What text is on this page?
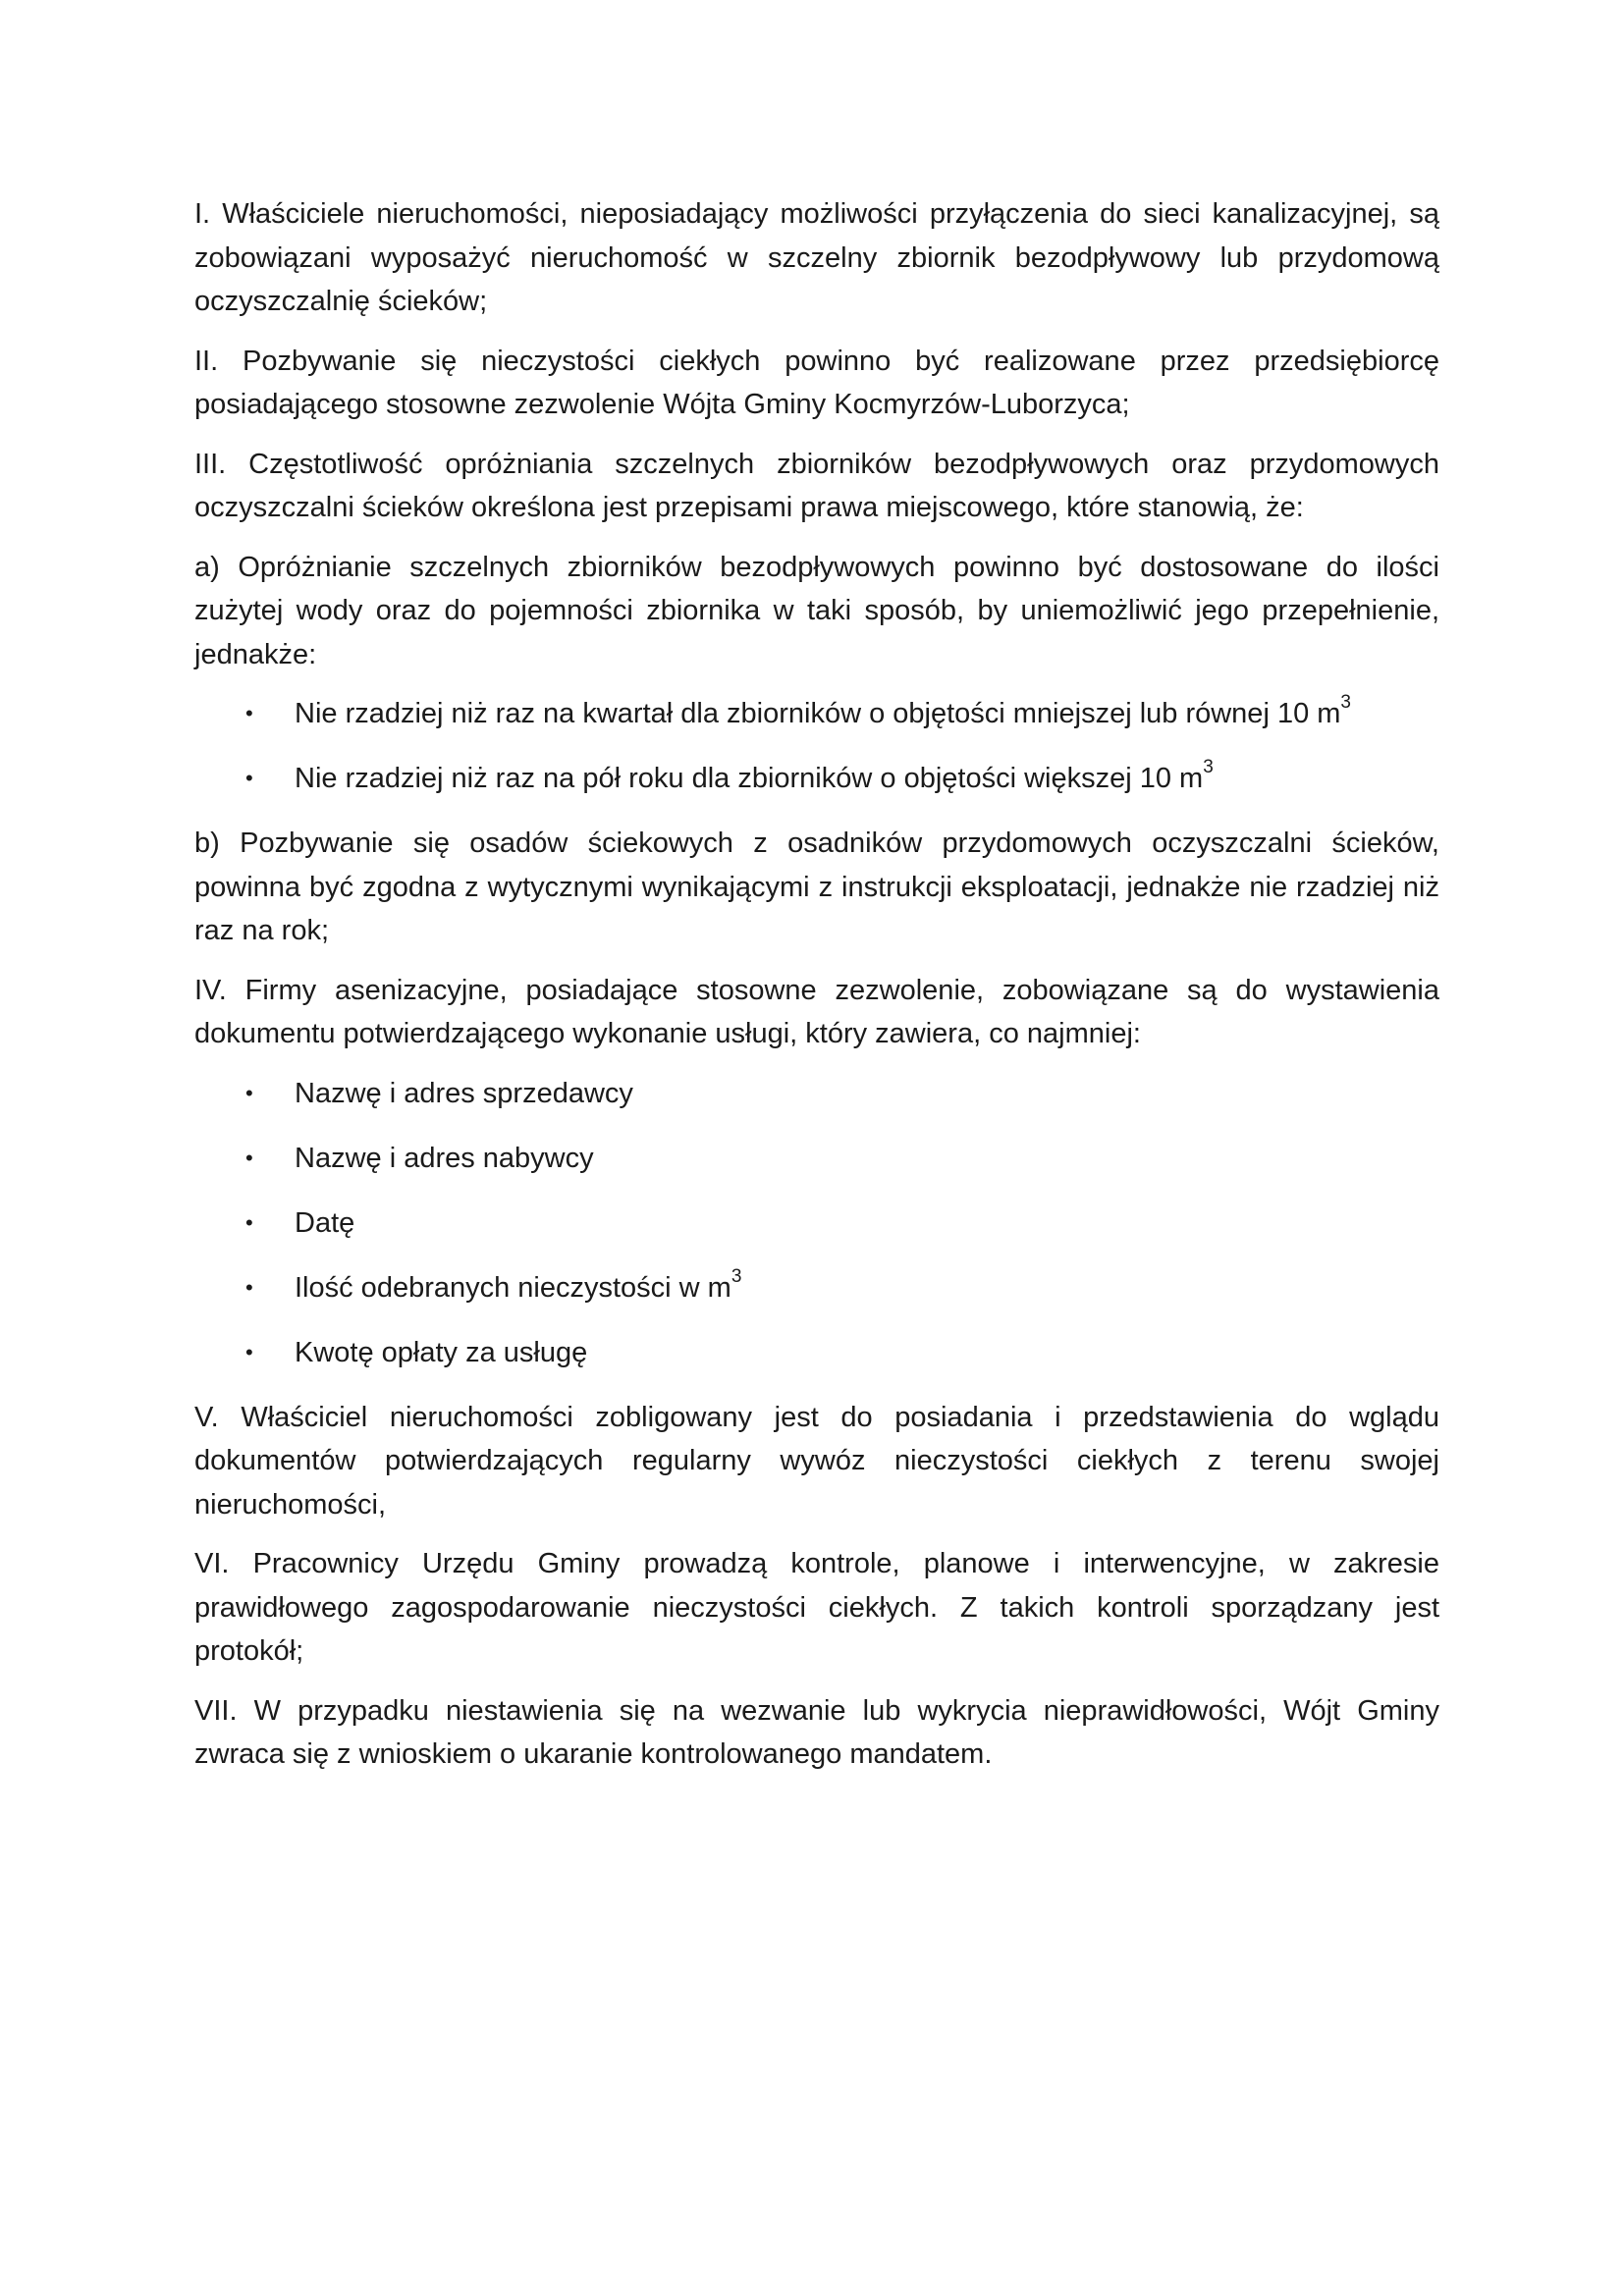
I. Właściciele nieruchomości, nieposiadający możliwości przyłączenia do sieci kanalizacyjnej, są zobowiązani wyposażyć nieruchomość w szczelny zbiornik bezodpływowy lub przydomową oczyszczalnię ścieków;

II. Pozbywanie się nieczystości ciekłych powinno być realizowane przez przedsiębiorcę posiadającego stosowne zezwolenie Wójta Gminy Kocmyrzów-Luborzyca;

III. Częstotliwość opróżniania szczelnych zbiorników bezodpływowych oraz przydomowych oczyszczalni ścieków określona jest przepisami prawa miejscowego, które stanowią, że:

a) Opróżnianie szczelnych zbiorników bezodpływowych powinno być dostosowane do ilości zużytej wody oraz do pojemności zbiornika w taki sposób, by uniemożliwić jego przepełnienie, jednakże:

• Nie rzadziej niż raz na kwartał dla zbiorników o objętości mniejszej lub równej 10 $m^3$
• Nie rzadziej niż raz na pół roku dla zbiorników o objętości większej 10 $m^3$

b) Pozbywanie się osadów ściekowych z osadników przydomowych oczyszczalni ścieków, powinna być zgodna z wytycznymi wynikającymi z instrukcji eksploatacji, jednakże nie rzadziej niż raz na rok;

IV. Firmy asenizacyjne, posiadające stosowne zezwolenie, zobowiązane są do wystawienia dokumentu potwierdzającego wykonanie usługi, który zawiera, co najmniej:

• Nazwę i adres sprzedawcy
• Nazwę i adres nabywcy
• Datę
• Ilość odebranych nieczystości w $m^3$
• Kwotę opłaty za usługę

V. Właściciel nieruchomości zobligowany jest do posiadania i przedstawienia do wglądu dokumentów potwierdzających regularny wywóz nieczystości ciekłych z terenu swojej nieruchomości,

VI. Pracownicy Urzędu Gminy prowadzą kontrole, planowe i interwencyjne, w zakresie prawidłowego zagospodarowanie nieczystości ciekłych. Z takich kontroli sporządzany jest protokół;

VII. W przypadku niestawienia się na wezwanie lub wykrycia nieprawidłowości, Wójt Gminy zwraca się z wnioskiem o ukaranie kontrolowanego mandatem.
